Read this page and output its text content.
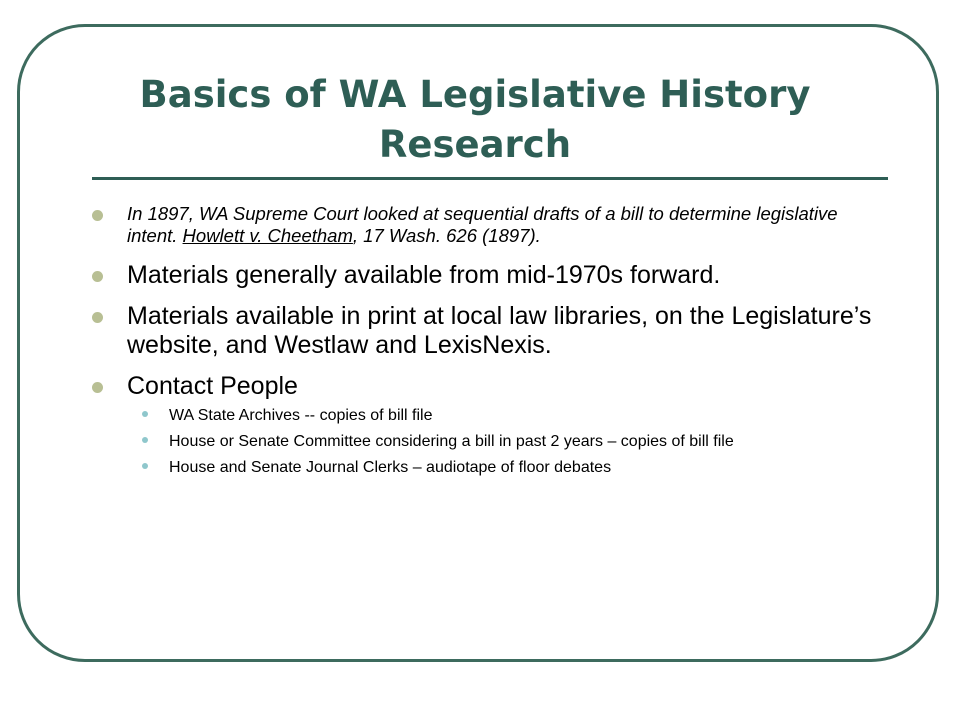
Basics of WA Legislative History Research
In 1897, WA Supreme Court looked at sequential drafts of a bill to determine legislative intent. Howlett v. Cheetham, 17 Wash. 626 (1897).
Materials generally available from mid-1970s forward.
Materials available in print at local law libraries, on the Legislature’s website, and Westlaw and LexisNexis.
Contact People
WA State Archives -- copies of bill file
House or Senate Committee considering a bill in past 2 years – copies of bill file
House and Senate Journal Clerks – audiotape of floor debates
